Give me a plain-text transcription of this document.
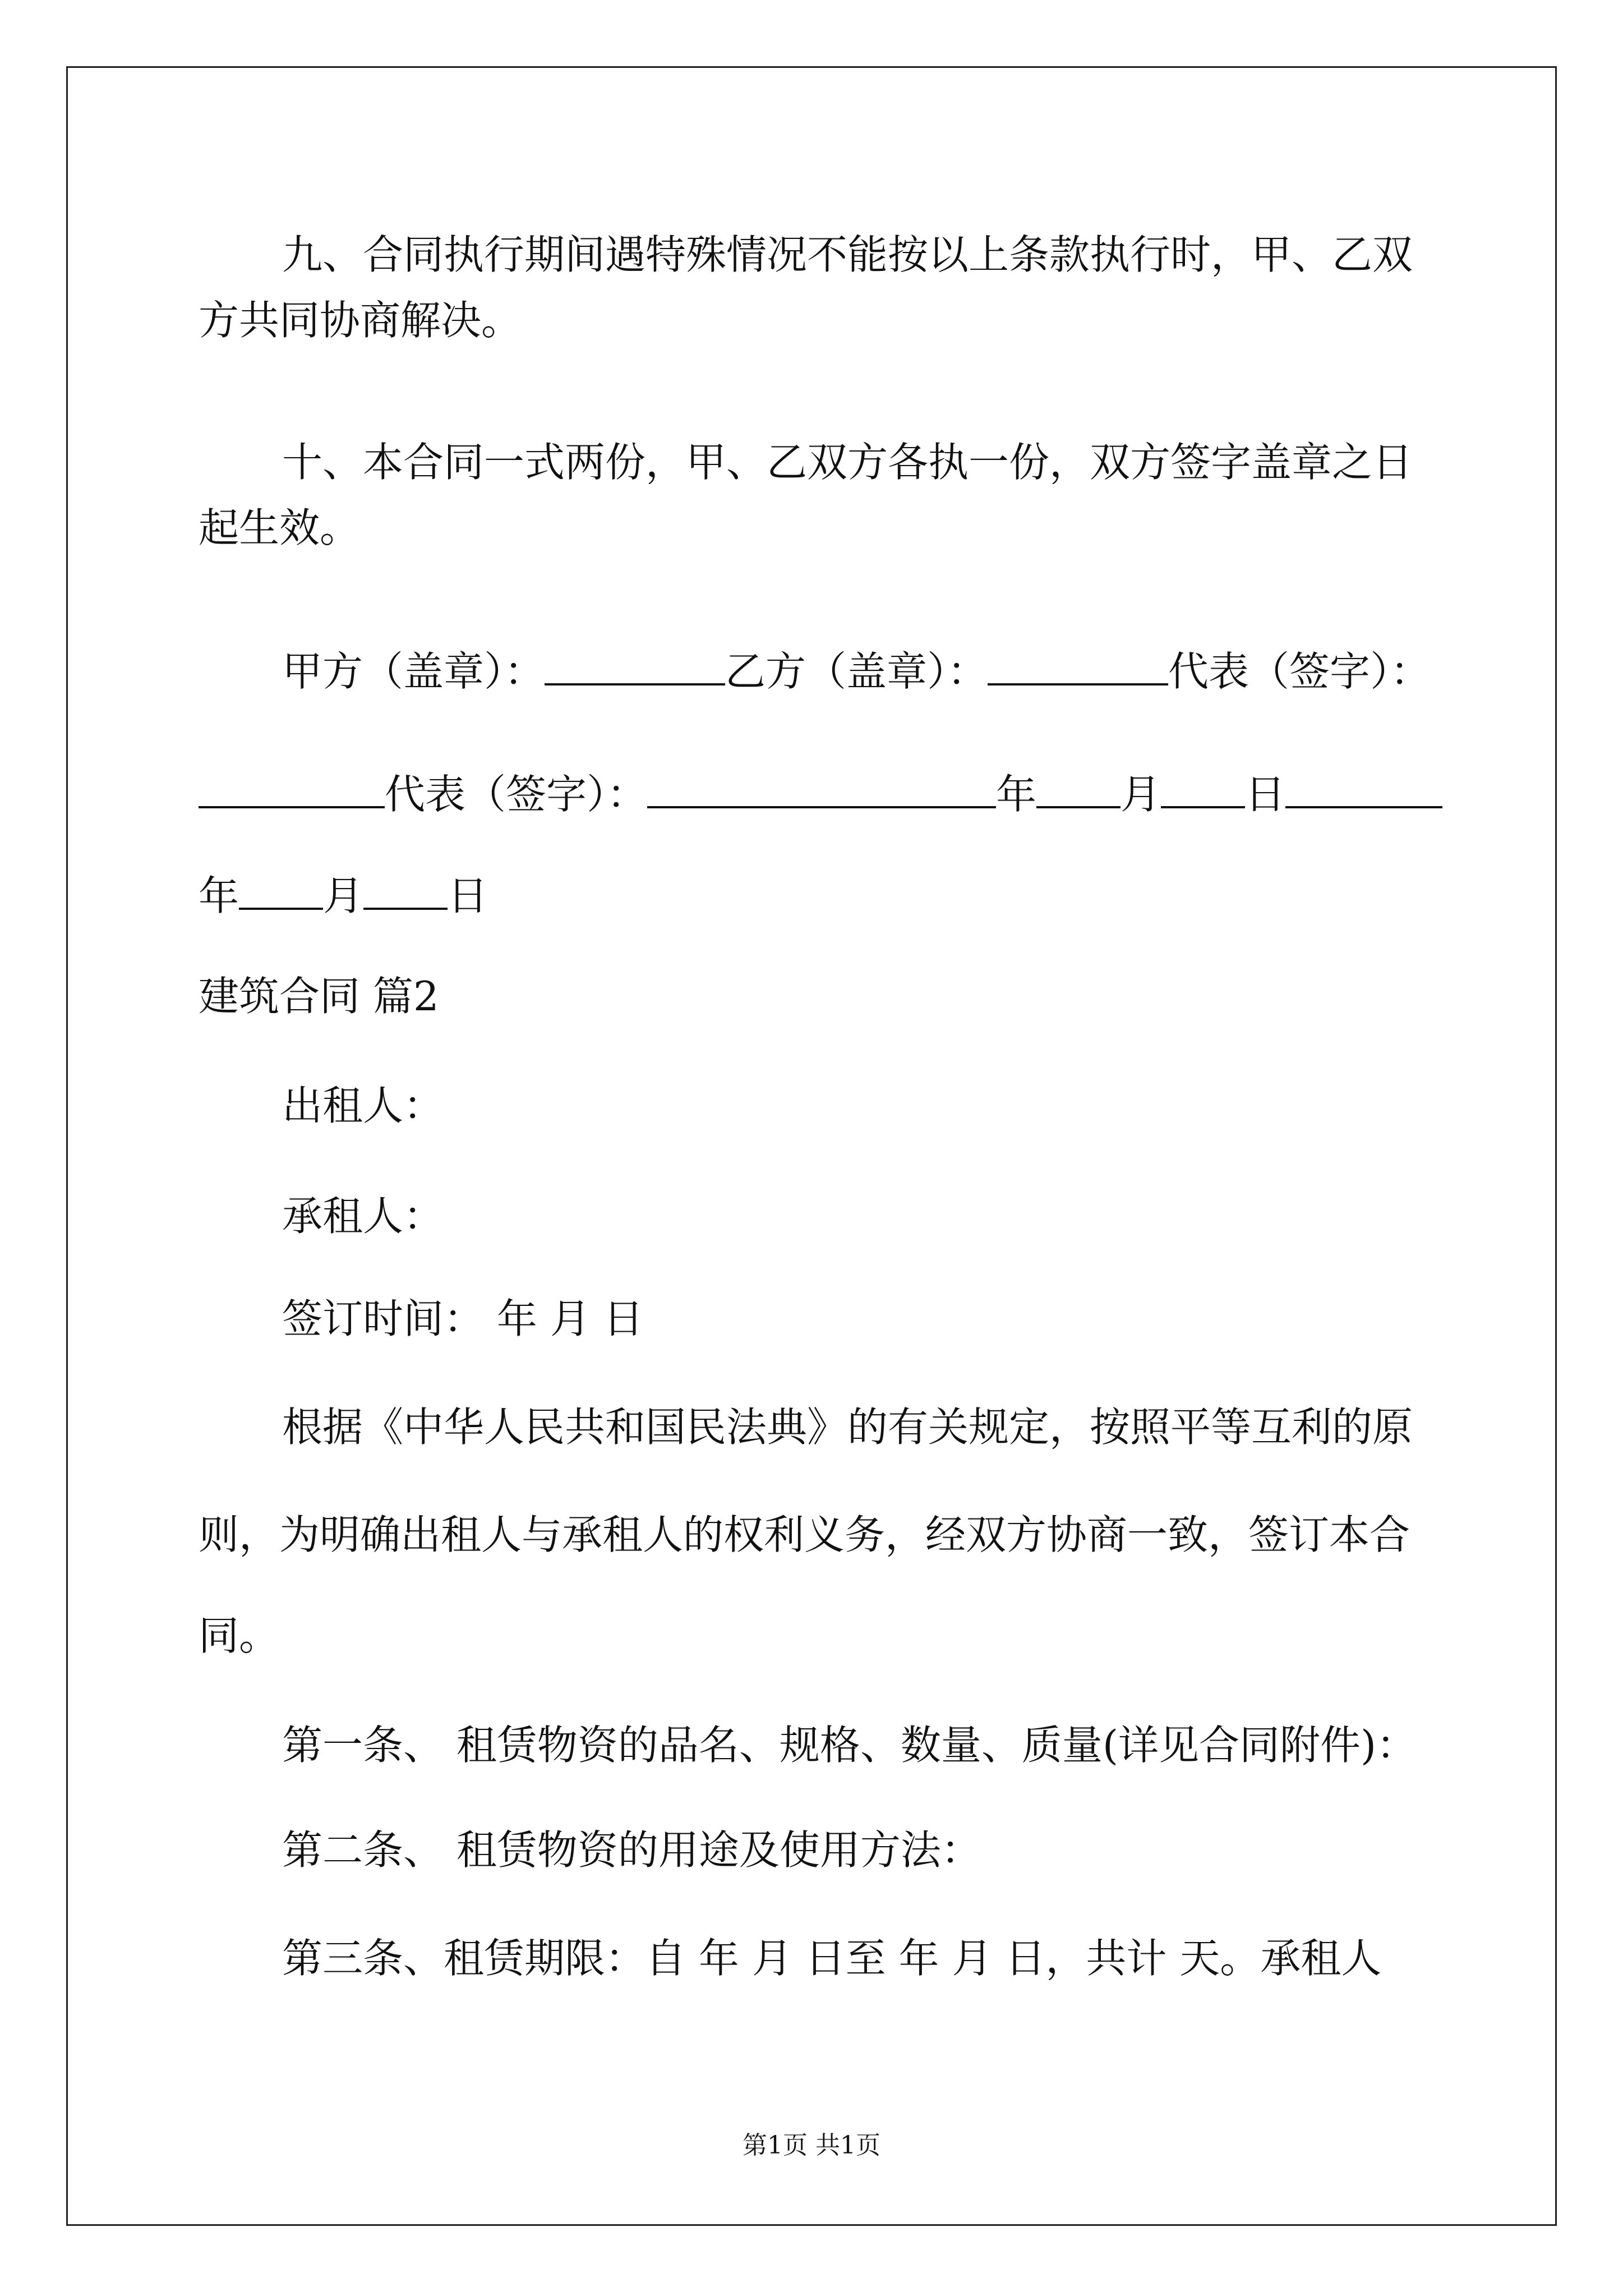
九、合同执行期间遇特殊情况不能按以上条款执行时，甲、乙双

方共同协商解决。

十、本合同一式两份，甲、乙双方各执一份，双方签字盖章之日

起生效。

甲方（盖章）：	乙方（盖章）：	代表（签字）：

代表（签字）：	年 月 日

年 月 日

建筑合同 篇2

出租人：

承租人：

签订时间： 年 月 日

根据《中华人民共和国民法典》的有关规定，按照平等互利的原

则，为明确出租人与承租人的权利义务，经双方协商一致，签订本合

同。

第一条、 租赁物资的品名、规格、数量、质量(详见合同附件)：

第二条、 租赁物资的用途及使用方法：

第三条、租赁期限：自 年 月 日至 年 月 日，共计 天。承租人

第1页 共1页
